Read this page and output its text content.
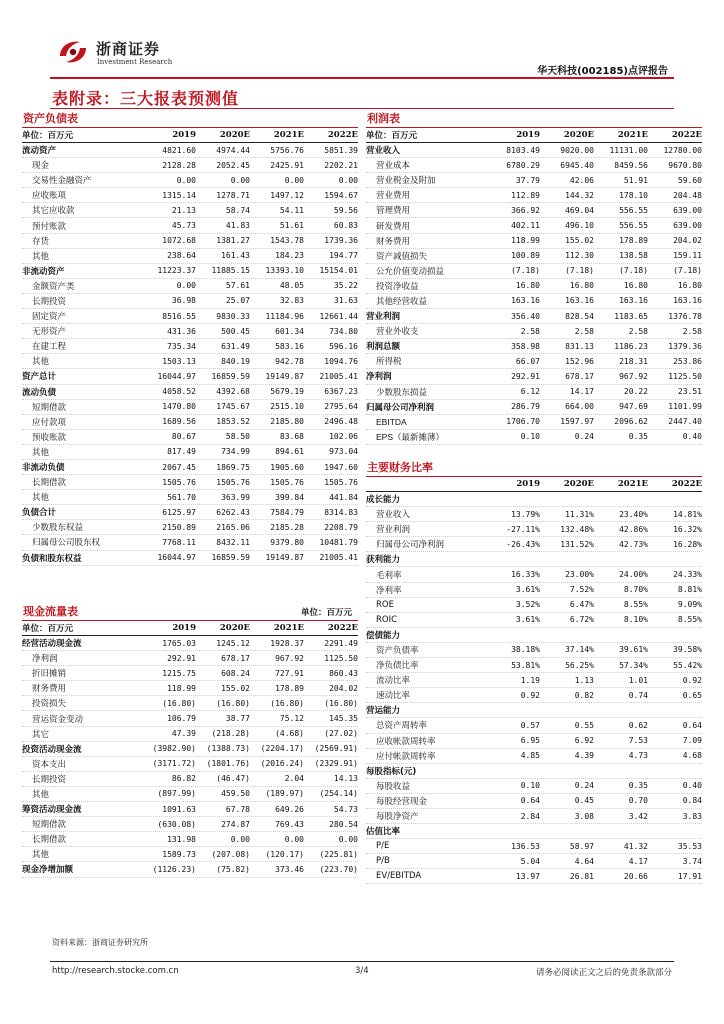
浙商证券
Investment Research
华天科技(002185)点评报告
表附录：三大报表预测值
资产负债表
单位：百万元	2019	2020E	2021E	2022E
流动资产	4821.60	4974.44	5756.76	5851.39
现金	2128.28	2052.45	2425.91	2202.21
交易性金融资产	0.00	0.00	0.00	0.00
应收账项	1315.14	1278.71	1497.12	1594.67
其它应收款	21.13	58.74	54.11	59.56
预付账款	45.73	41.83	51.61	60.83
存货	1072.68	1381.27	1543.78	1739.36
其他	238.64	161.43	184.23	194.77
非流动资产	11223.37	11885.15	13393.10	15154.01
金额资产类	0.00	57.61	48.05	35.22
长期投资	36.98	25.07	32.83	31.63
固定资产	8516.55	9830.33	11184.96	12661.44
无形资产	431.36	500.45	601.34	734.80
在建工程	735.34	631.49	583.16	596.16
其他	1503.13	840.19	942.78	1094.76
资产总计	16044.97	16859.59	19149.87	21005.41
流动负债	4058.52	4392.68	5679.19	6367.23
短期借款	1470.80	1745.67	2515.10	2795.64
应付款项	1689.56	1853.52	2185.80	2496.48
预收账款	80.67	58.50	83.68	102.06
其他	817.49	734.99	894.61	973.04
非流动负债	2067.45	1869.75	1905.60	1947.60
长期借款	1505.76	1505.76	1505.76	1505.76
其他	561.70	363.99	399.84	441.84
负债合计	6125.97	6262.43	7584.79	8314.83
少数股东权益	2150.89	2165.06	2185.28	2208.79
归属母公司股东权	7768.11	8432.11	9379.80	10481.79
负债和股东权益	16044.97	16859.59	19149.87	21005.41
现金流量表	单位：百万元
单位：百万元	2019	2020E	2021E	2022E
经营活动现金流	1765.03	1245.12	1928.37	2291.49
净利润	292.91	678.17	967.92	1125.50
折旧摊销	1215.75	608.24	727.91	860.43
财务费用	118.99	155.02	178.89	204.02
投资损失	(16.80)	(16.80)	(16.80)	(16.80)
营运资金变动	106.79	38.77	75.12	145.35
其它	47.39	(218.28)	(4.68)	(27.02)
投资活动现金流	(3982.90)	(1388.73)	(2204.17)	(2569.91)
资本支出	(3171.72)	(1801.76)	(2016.24)	(2329.91)
长期投资	86.82	(46.47)	2.04	14.13
其他	(897.99)	459.50	(189.97)	(254.14)
筹资活动现金流	1091.63	67.78	649.26	54.73
短期借款	(630.08)	274.87	769.43	280.54
长期借款	131.98	0.00	0.00	0.00
其他	1589.73	(207.08)	(120.17)	(225.81)
现金净增加额	(1126.23)	(75.82)	373.46	(223.70)
利润表
单位：百万元	2019	2020E	2021E	2022E
营业收入	8103.49	9020.00	11131.00	12780.00
营业成本	6780.29	6945.40	8459.56	9670.80
营业税金及附加	37.79	42.06	51.91	59.60
营业费用	112.89	144.32	178.10	204.48
管理费用	366.92	469.04	556.55	639.00
研发费用	402.11	496.10	556.55	639.00
财务费用	118.99	155.02	178.89	204.02
资产减值损失	100.89	112.30	138.58	159.11
公允价值变动损益	(7.18)	(7.18)	(7.18)	(7.18)
投资净收益	16.80	16.80	16.80	16.80
其他经营收益	163.16	163.16	163.16	163.16
营业利润	356.40	828.54	1183.65	1376.78
营业外收支	2.58	2.58	2.58	2.58
利润总额	358.98	831.13	1186.23	1379.36
所得税	66.07	152.96	218.31	253.86
净利润	292.91	678.17	967.92	1125.50
少数股东损益	6.12	14.17	20.22	23.51
归属母公司净利润	286.79	664.00	947.69	1101.99
EBITDA	1706.70	1597.97	2096.62	2447.40
EPS（最新摊薄）	0.10	0.24	0.35	0.40
主要财务比率
2019	2020E	2021E	2022E
成长能力
营业收入	13.79%	11.31%	23.40%	14.81%
营业利润	-27.11%	132.48%	42.86%	16.32%
归属母公司净利润	-26.43%	131.52%	42.73%	16.28%
获利能力
毛利率	16.33%	23.00%	24.00%	24.33%
净利率	3.61%	7.52%	8.70%	8.81%
ROE	3.52%	6.47%	8.55%	9.09%
ROIC	3.61%	6.72%	8.10%	8.55%
偿债能力
资产负债率	38.18%	37.14%	39.61%	39.58%
净负债比率	53.81%	56.25%	57.34%	55.42%
流动比率	1.19	1.13	1.01	0.92
速动比率	0.92	0.82	0.74	0.65
营运能力
总资产周转率	0.57	0.55	0.62	0.64
应收帐款周转率	6.95	6.92	7.53	7.09
应付帐款周转率	4.85	4.39	4.73	4.68
每股指标(元)
每股收益	0.10	0.24	0.35	0.40
每股经营现金	0.64	0.45	0.70	0.84
每股净资产	2.84	3.08	3.42	3.83
估值比率
P/E	136.53	58.97	41.32	35.53
P/B	5.04	4.64	4.17	3.74
EV/EBITDA	13.97	26.81	20.66	17.91
资料来源：浙商证券研究所
http://research.stocke.com.cn	3/4	请务必阅读正文之后的免责条款部分
